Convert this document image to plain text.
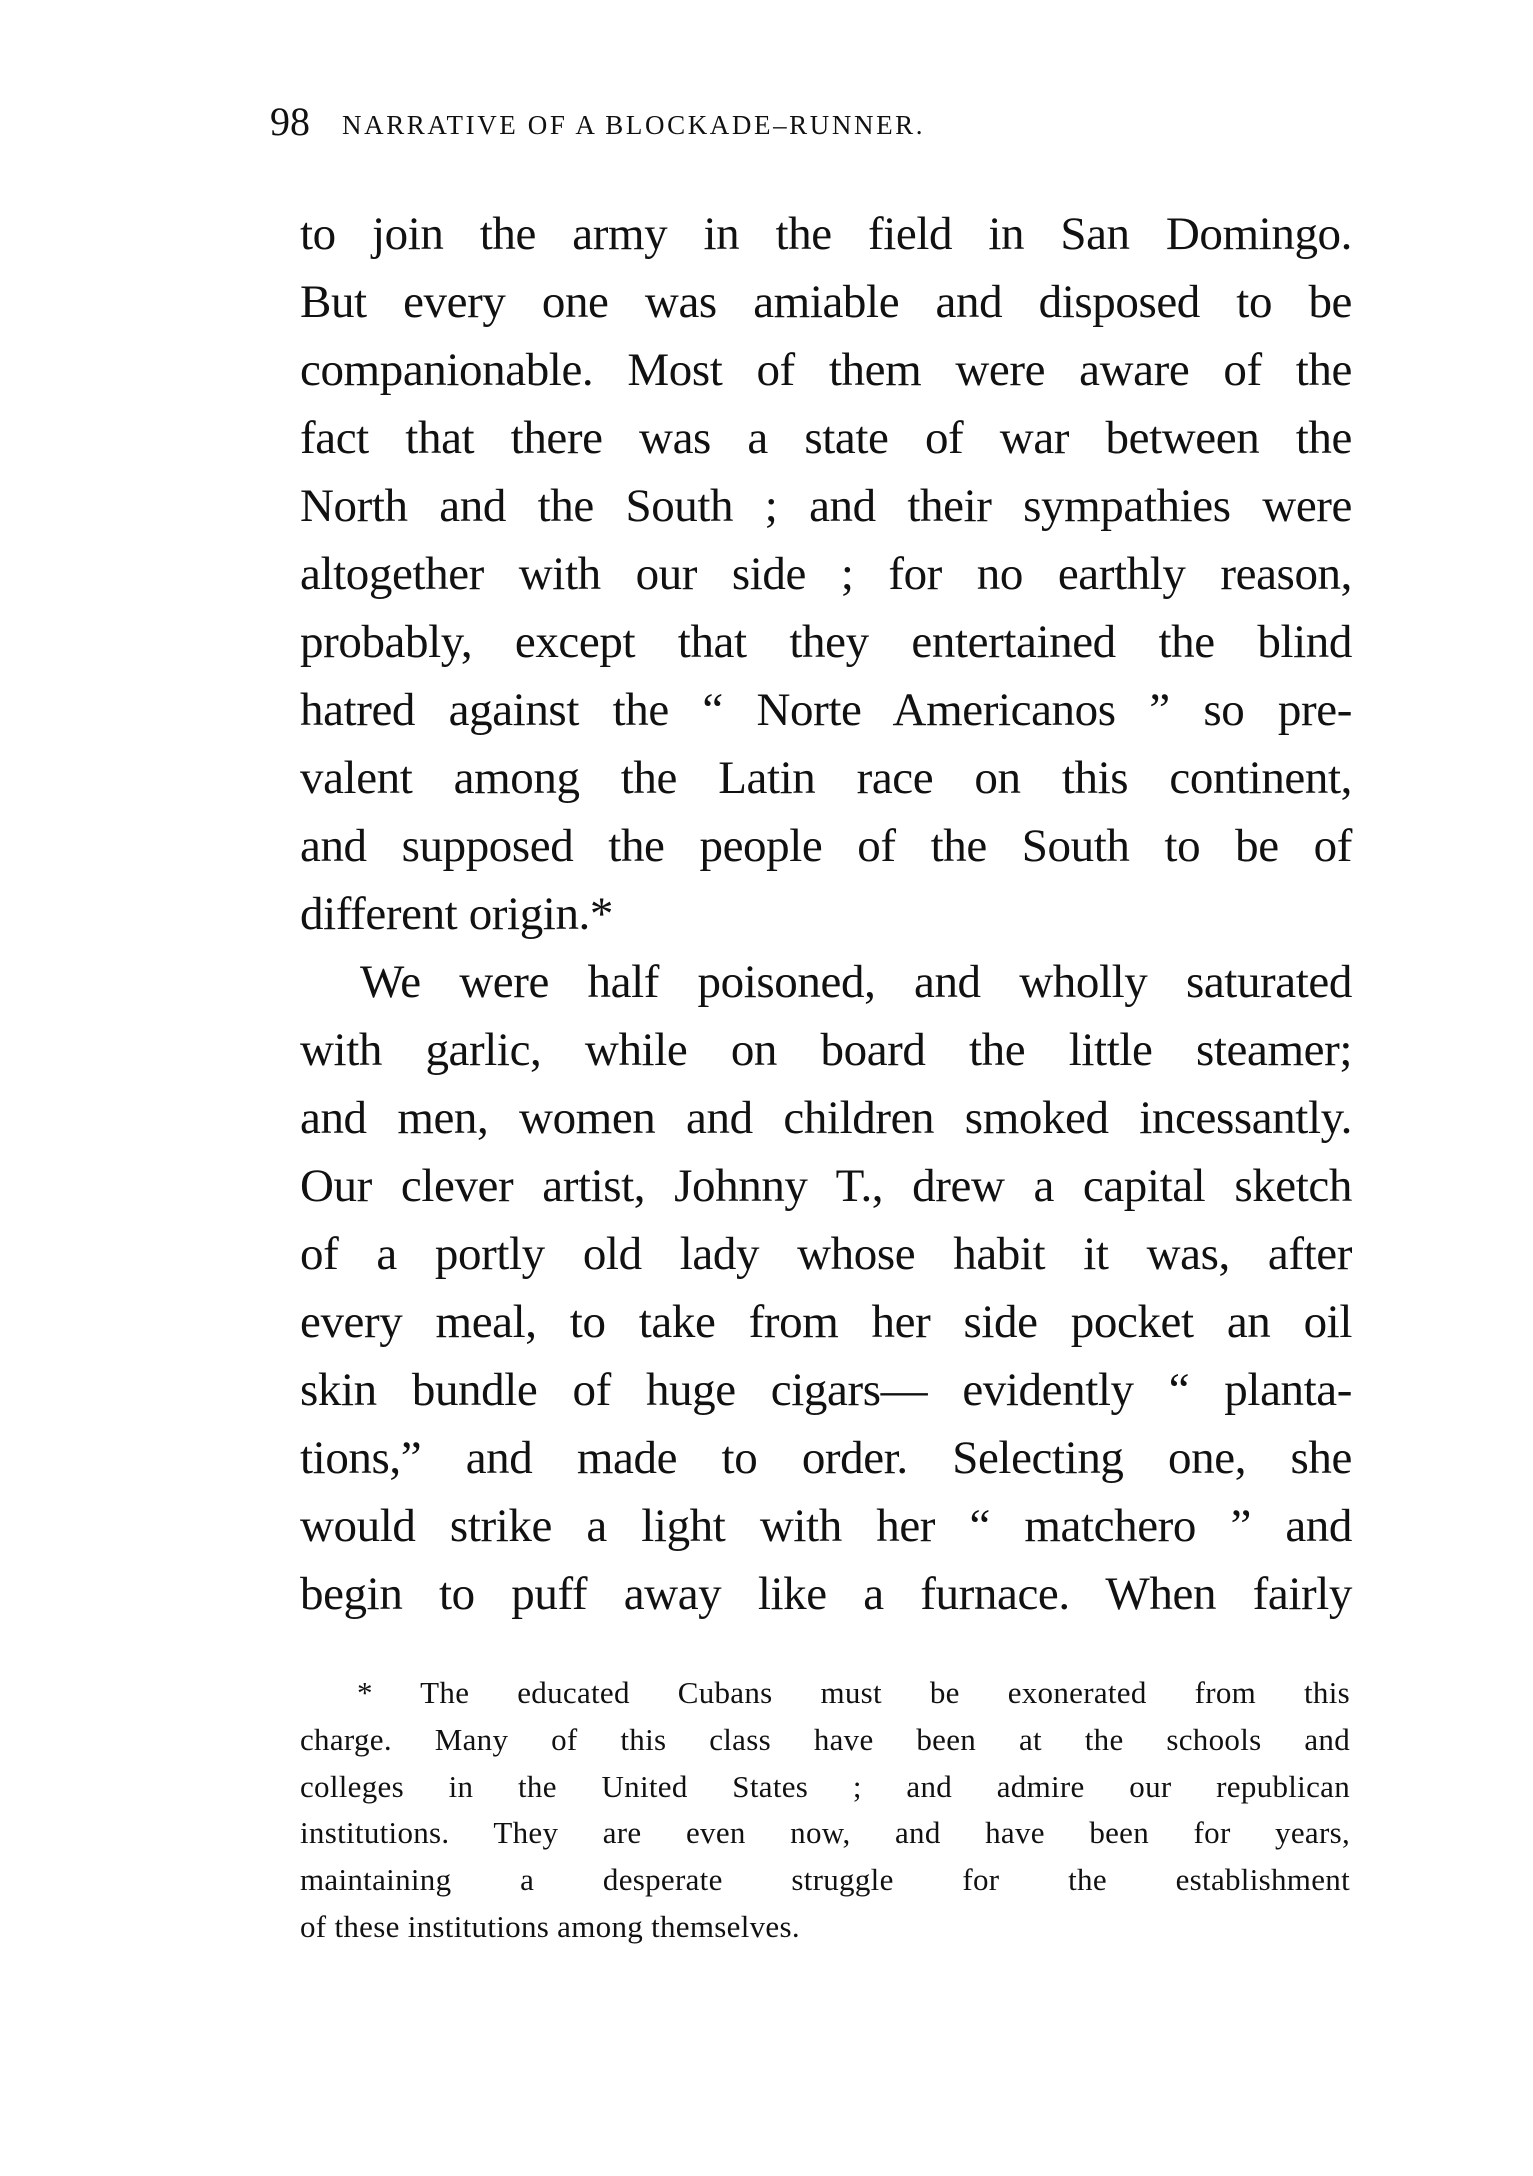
98 NARRATIVE OF A BLOCKADE–RUNNER.
to join the army in the field in San Domingo.
But every one was amiable and disposed to be
companionable. Most of them were aware of the
fact that there was a state of war between the
North and the South ; and their sympathies were
altogether with our side ; for no earthly reason,
probably, except that they entertained the blind
hatred against the “ Norte Americanos ” so pre-
valent among the Latin race on this continent,
and supposed the people of the South to be of
different origin.*
We were half poisoned, and wholly saturated
with garlic, while on board the little steamer;
and men, women and children smoked incessantly.
Our clever artist, Johnny T., drew a capital sketch
of a portly old lady whose habit it was, after
every meal, to take from her side pocket an oil
skin bundle of huge cigars— evidently “ planta-
tions,” and made to order. Selecting one, she
would strike a light with her “ matchero ” and
begin to puff away like a furnace. When fairly
* The educated Cubans must be exonerated from this
charge. Many of this class have been at the schools and
colleges in the United States ; and admire our republican
institutions. They are even now, and have been for years,
maintaining a desperate struggle for the establishment
of these institutions among themselves.
